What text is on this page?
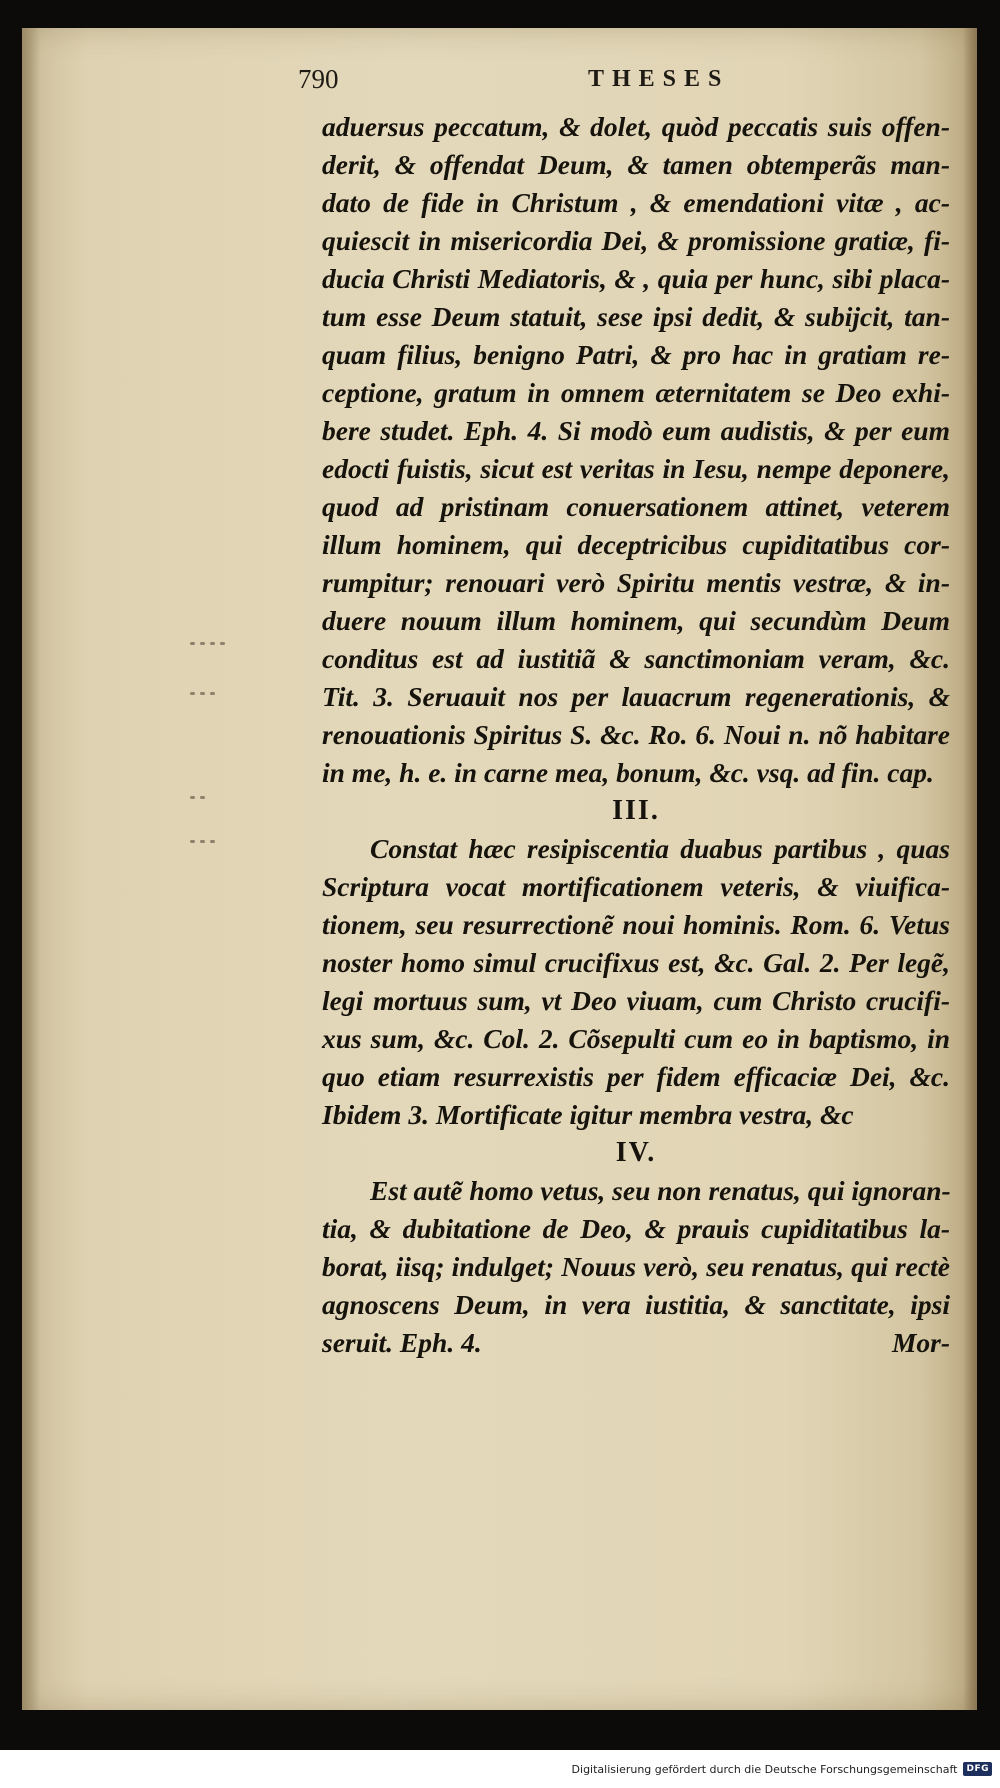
790	THESES
aduersus peccatum, & dolet, quòd peccatis suis offen-
derit, & offendat Deum, & tamen obtemperãs man-
dato de fide in Christum , & emendationi vitæ , ac-
quiescit in misericordia Dei, & promissione gratiæ, fi-
ducia Christi Mediatoris, & , quia per hunc, sibi placa-
tum esse Deum statuit, sese ipsi dedit, & subijcit, tan-
quam filius, benigno Patri, & pro hac in gratiam re-
ceptione, gratum in omnem æternitatem se Deo exhi-
bere studet. Eph. 4. Si modò eum audistis, & per eum
edocti fuistis, sicut est veritas in Iesu, nempe deponere,
quod ad pristinam conuersationem attinet, veterem
illum hominem, qui deceptricibus cupiditatibus cor-
rumpitur; renouari verò Spiritu mentis vestræ, & in-
duere nouum illum hominem, qui secundùm Deum
conditus est ad iustitiã & sanctimoniam veram, &c.
Tit. 3. Seruauit nos per lauacrum regenerationis, &
renouationis Spiritus S. &c. Ro. 6. Noui n. nõ habitare
in me, h. e. in carne mea, bonum, &c. vsq. ad fin. cap.
III.
Constat hæc resipiscentia duabus partibus , quas
Scriptura vocat mortificationem veteris, & viuifica-
tionem, seu resurrectionẽ noui hominis. Rom. 6. Vetus
noster homo simul crucifixus est, &c. Gal. 2. Per legẽ,
legi mortuus sum, vt Deo viuam, cum Christo crucifi-
xus sum, &c. Col. 2. Cõsepulti cum eo in baptismo, in
quo etiam resurrexistis per fidem efficaciæ Dei, &c.
Ibidem 3. Mortificate igitur membra vestra, &c
IV.
Est autẽ homo vetus, seu non renatus, qui ignoran-
tia, & dubitatione de Deo, & prauis cupiditatibus la-
borat, iisq; indulget; Nouus verò, seu renatus, qui rectè
agnoscens Deum, in vera iustitia, & sanctitate, ipsi
seruit. Eph. 4.	Mor-
Digitalisierung gefördert durch die Deutsche Forschungsgemeinschaft	DFG
